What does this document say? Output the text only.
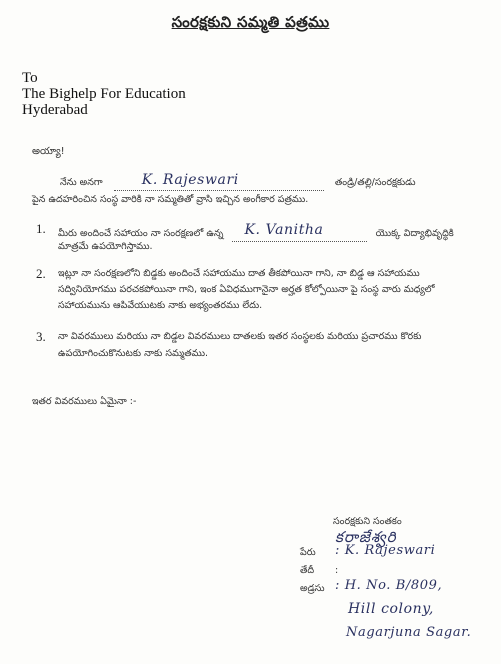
సంరక్షకుని సమ్మతి పత్రము
To
The Bighelp For Education
Hyderabad
అయ్యా!
నేను అనగా	K. Rajeswari	తండ్రి/తల్లి/సంరక్షకుడు
పైన ఉదహరించిన సంస్థ వారికి నా సమ్మతితో వ్రాసి ఇచ్చిన అంగీకార పత్రము.
1. మీరు అందించే సహాయం నా సంరక్షణలో ఉన్న K. Vanitha	యొక్క విద్యాభివృద్ధికి
మాత్రమే ఉపయోగిస్తాము.
2. ఇట్లూ నా సంరక్షణలోని బిడ్డకు అందించే సహాయము దాత తీకపోయినా గాని, నా బిడ్డ ఆ సహాయము
సద్వినియోగము పరచకపోయినా గాని, ఇంక ఏవిధముగానైనా అర్హత కోల్పోయినా పై సంస్థ వారు మధ్యలో
సహాయమును ఆపివేయుటకు నాకు అభ్యంతరము లేదు.
3. నా వివరములు మరియు నా బిడ్డల వివరములు దాతలకు ఇతర సంస్థలకు మరియు ప్రచారము కొరకు
ఉపయోగించుకొనుటకు నాకు సమ్మతము.
ఇతర వివరములు ఏమైనా :-
సంరక్షకుని సంతకం
కరాజేశ్వరి
పేరు : K. Rajeswari
తేదీ :
అడ్రసు : H. No. B/809,
Hill colony,
Nagarjuna Sagar.
